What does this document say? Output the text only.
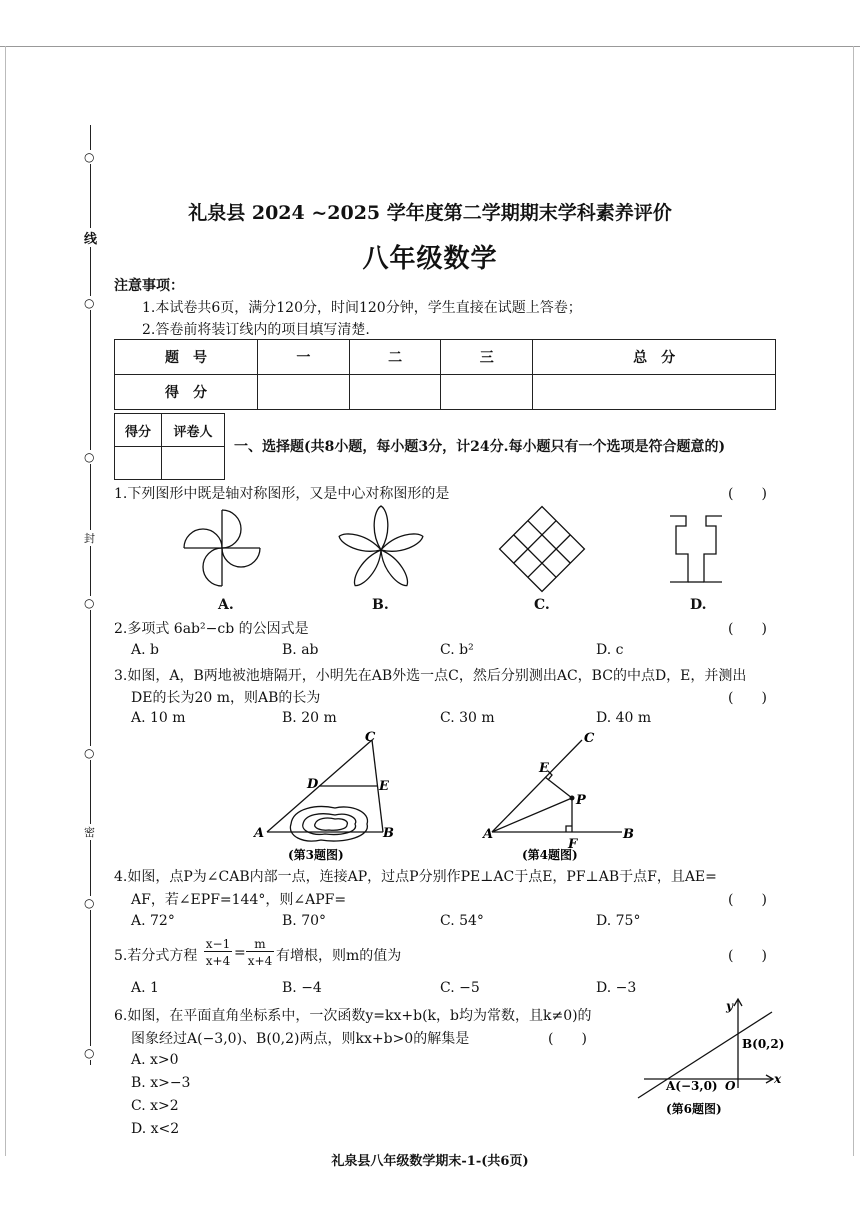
○
线
○
○
封
○
○
密
○
○
礼泉县 2024 ~2025 学年度第二学期期末学科素养评价
八年级数学
注意事项：
1.本试卷共6页，满分120分，时间120分钟，学生直接在试题上答卷；
2.答卷前将装订线内的项目填写清楚.
题　号	一	二	三	总　分
得　分				
得分	评卷人

一、选择题(共8小题，每小题3分，计24分.每小题只有一个选项是符合题意的)
1.下列图形中既是轴对称图形，又是中心对称图形的是	(　　)
A.	B.	C.	D.
2.多项式 6ab²−cb 的公因式是	(　　)
A. b	B. ab	C. b²	D. c
3.如图，A，B两地被池塘隔开，小明先在AB外选一点C，然后分别测出AC，BC的中点D，E，并测出
DE的长为20 m，则AB的长为	(　　)
A. 10 m	B. 20 m	C. 30 m	D. 40 m
A	B
C
D	E
(第3题图)
A	B
C
E
F
P
(第4题图)
4.如图，点P为∠CAB内部一点，连接AP，过点P分别作PE⊥AC于点E，PF⊥AB于点F，且AE=
AF，若∠EPF=144°，则∠APF=	(　　)
A. 72°	B. 70°	C. 54°	D. 75°
5.若分式方程
x−1
x+4 =
m
x+4 有增根，则m的值为	(　　)
A. 1	B. −4	C. −5	D. −3
6.如图，在平面直角坐标系中，一次函数y=kx+b(k，b均为常数，且k≠0)的
图象经过A(−3,0)、B(0,2)两点，则kx+b>0的解集是	(　　)
A. x>0
B. x>−3
C. x>2
D. x<2
y
x
O
B(0,2)
A(−3,0)
(第6题图)
礼泉县八年级数学期末-1-(共6页)
